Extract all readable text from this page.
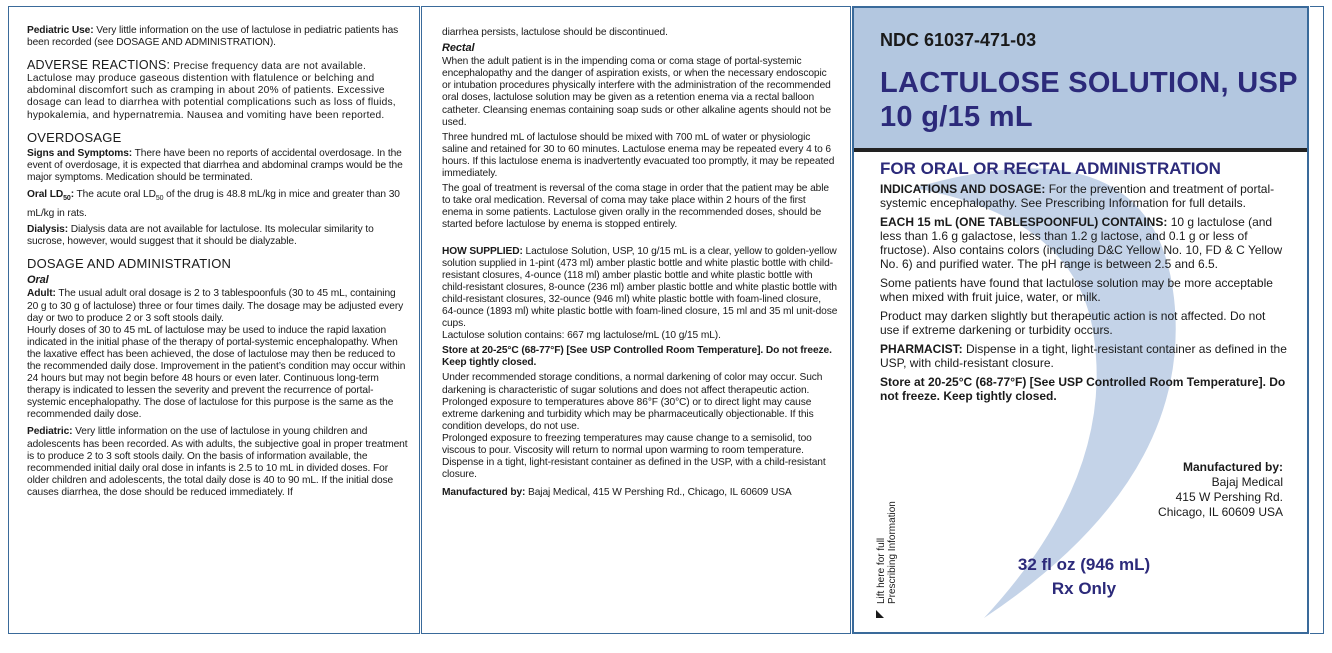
Pediatric Use: Very little information on the use of lactulose in pediatric patients has been recorded (see DOSAGE AND ADMINISTRATION).

ADVERSE REACTIONS: Precise frequency data are not available. Lactulose may produce gaseous distention with flatulence or belching and abdominal discomfort such as cramping in about 20% of patients. Excessive dosage can lead to diarrhea with potential complications such as loss of fluids, hypokalemia, and hypernatremia. Nausea and vomiting have been reported.

OVERDOSAGE

Signs and Symptoms: There have been no reports of accidental overdosage. In the event of overdosage, it is expected that diarrhea and abdominal cramps would be the major symptoms. Medication should be terminated.

Oral $LD_{50}$: The acute oral $LD_{50}$ of the drug is 48.8 mL/kg in mice and greater than 30 mL/kg in rats.

Dialysis: Dialysis data are not available for lactulose. Its molecular similarity to sucrose, however, would suggest that it should be dialyzable.

DOSAGE AND ADMINISTRATION
Oral

Adult: The usual adult oral dosage is 2 to 3 tablespoonfuls (30 to 45 mL, containing 20 g to 30 g of lactulose) three or four times daily. The dosage may be adjusted every day or two to produce 2 or 3 soft stools daily.

Hourly doses of 30 to 45 mL of lactulose may be used to induce the rapid laxation indicated in the initial phase of the therapy of portal-systemic encephalopathy. When the laxative effect has been achieved, the dose of lactulose may then be reduced to the recommended daily dose. Improvement in the patient’s condition may occur within 24 hours but may not begin before 48 hours or even later. Continuous long-term therapy is indicated to lessen the severity and prevent the recurrence of portal-systemic encephalopathy. The dose of lactulose for this purpose is the same as the recommended daily dose.

Pediatric: Very little information on the use of lactulose in young children and adolescents has been recorded. As with adults, the subjective goal in proper treatment is to produce 2 to 3 soft stools daily. On the basis of information available, the recommended initial daily oral dose in infants is 2.5 to 10 mL in divided doses. For older children and adolescents, the total daily dose is 40 to 90 mL. If the initial dose causes diarrhea, the dose should be reduced immediately. If

diarrhea persists, lactulose should be discontinued.

Rectal

When the adult patient is in the impending coma or coma stage of portal-systemic encephalopathy and the danger of aspiration exists, or when the necessary endoscopic or intubation procedures physically interfere with the administration of the recommended oral doses, lactulose solution may be given as a retention enema via a rectal balloon catheter. Cleansing enemas containing soap suds or other alkaline agents should not be used.

Three hundred mL of lactulose should be mixed with 700 mL of water or physiologic saline and retained for 30 to 60 minutes. Lactulose enema may be repeated every 4 to 6 hours. If this lactulose enema is inadvertently evacuated too promptly, it may be repeated immediately.

The goal of treatment is reversal of the coma stage in order that the patient may be able to take oral medication. Reversal of coma may take place within 2 hours of the first enema in some patients. Lactulose given orally in the recommended doses, should be started before lactulose by enema is stopped entirely.

HOW SUPPLIED: Lactulose Solution, USP, 10 g/15 mL is a clear, yellow to golden-yellow solution supplied in 1-pint (473 ml) amber plastic bottle and white plastic bottle with child-resistant closures, 4-ounce (118 ml) amber plastic bottle and white plastic bottle with child-resistant closures, 8-ounce (236 ml) amber plastic bottle and white plastic bottle with child-resistant closures, 32-ounce (946 ml) white plastic bottle with foam-lined closure, 64-ounce (1893 ml) white plastic bottle with foam-lined closure, 15 ml and 35 ml unit-dose cups.

Lactulose solution contains: 667 mg lactulose/mL (10 g/15 mL).

Store at 20-25°C (68-77°F) [See USP Controlled Room Temperature]. Do not freeze. Keep tightly closed.

Under recommended storage conditions, a normal darkening of color may occur. Such darkening is characteristic of sugar solutions and does not affect therapeutic action. Prolonged exposure to temperatures above 86°F (30°C) or to direct light may cause extreme darkening and turbidity which may be pharmaceutically objectionable. If this condition develops, do not use.

Prolonged exposure to freezing temperatures may cause change to a semisolid, too viscous to pour. Viscosity will return to normal upon warming to room temperature. Dispense in a tight, light-resistant container as defined in the USP, with a child-resistant closure.

Manufactured by: Bajaj Medical, 415 W Pershing Rd., Chicago, IL 60609 USA

NDC 61037-471-03
LACTULOSE SOLUTION, USP
10 g/15 mL

FOR ORAL OR RECTAL ADMINISTRATION

INDICATIONS AND DOSAGE: For the prevention and treatment of portal-systemic encephalopathy. See Prescribing Information for full details.

EACH 15 mL (ONE TABLESPOONFUL) CONTAINS: 10 g lactulose (and less than 1.6 g galactose, less than 1.2 g lactose, and 0.1 g or less of fructose). Also contains colors (including D&C Yellow No. 10, FD & C Yellow No. 6) and purified water. The pH range is between 2.5 and 6.5.

Some patients have found that lactulose solution may be more acceptable when mixed with fruit juice, water, or milk.

Product may darken slightly but therapeutic action is not affected. Do not use if extreme darkening or turbidity occurs.

PHARMACIST: Dispense in a tight, light-resistant container as defined in the USP, with child-resistant closure.

Store at 20-25°C (68-77°F) [See USP Controlled Room Temperature]. Do not freeze. Keep tightly closed.

Manufactured by:
Bajaj Medical
415 W Pershing Rd.
Chicago, IL 60609 USA
32 fl oz (946 mL)
Rx Only
Lift here for full Prescribing Information
